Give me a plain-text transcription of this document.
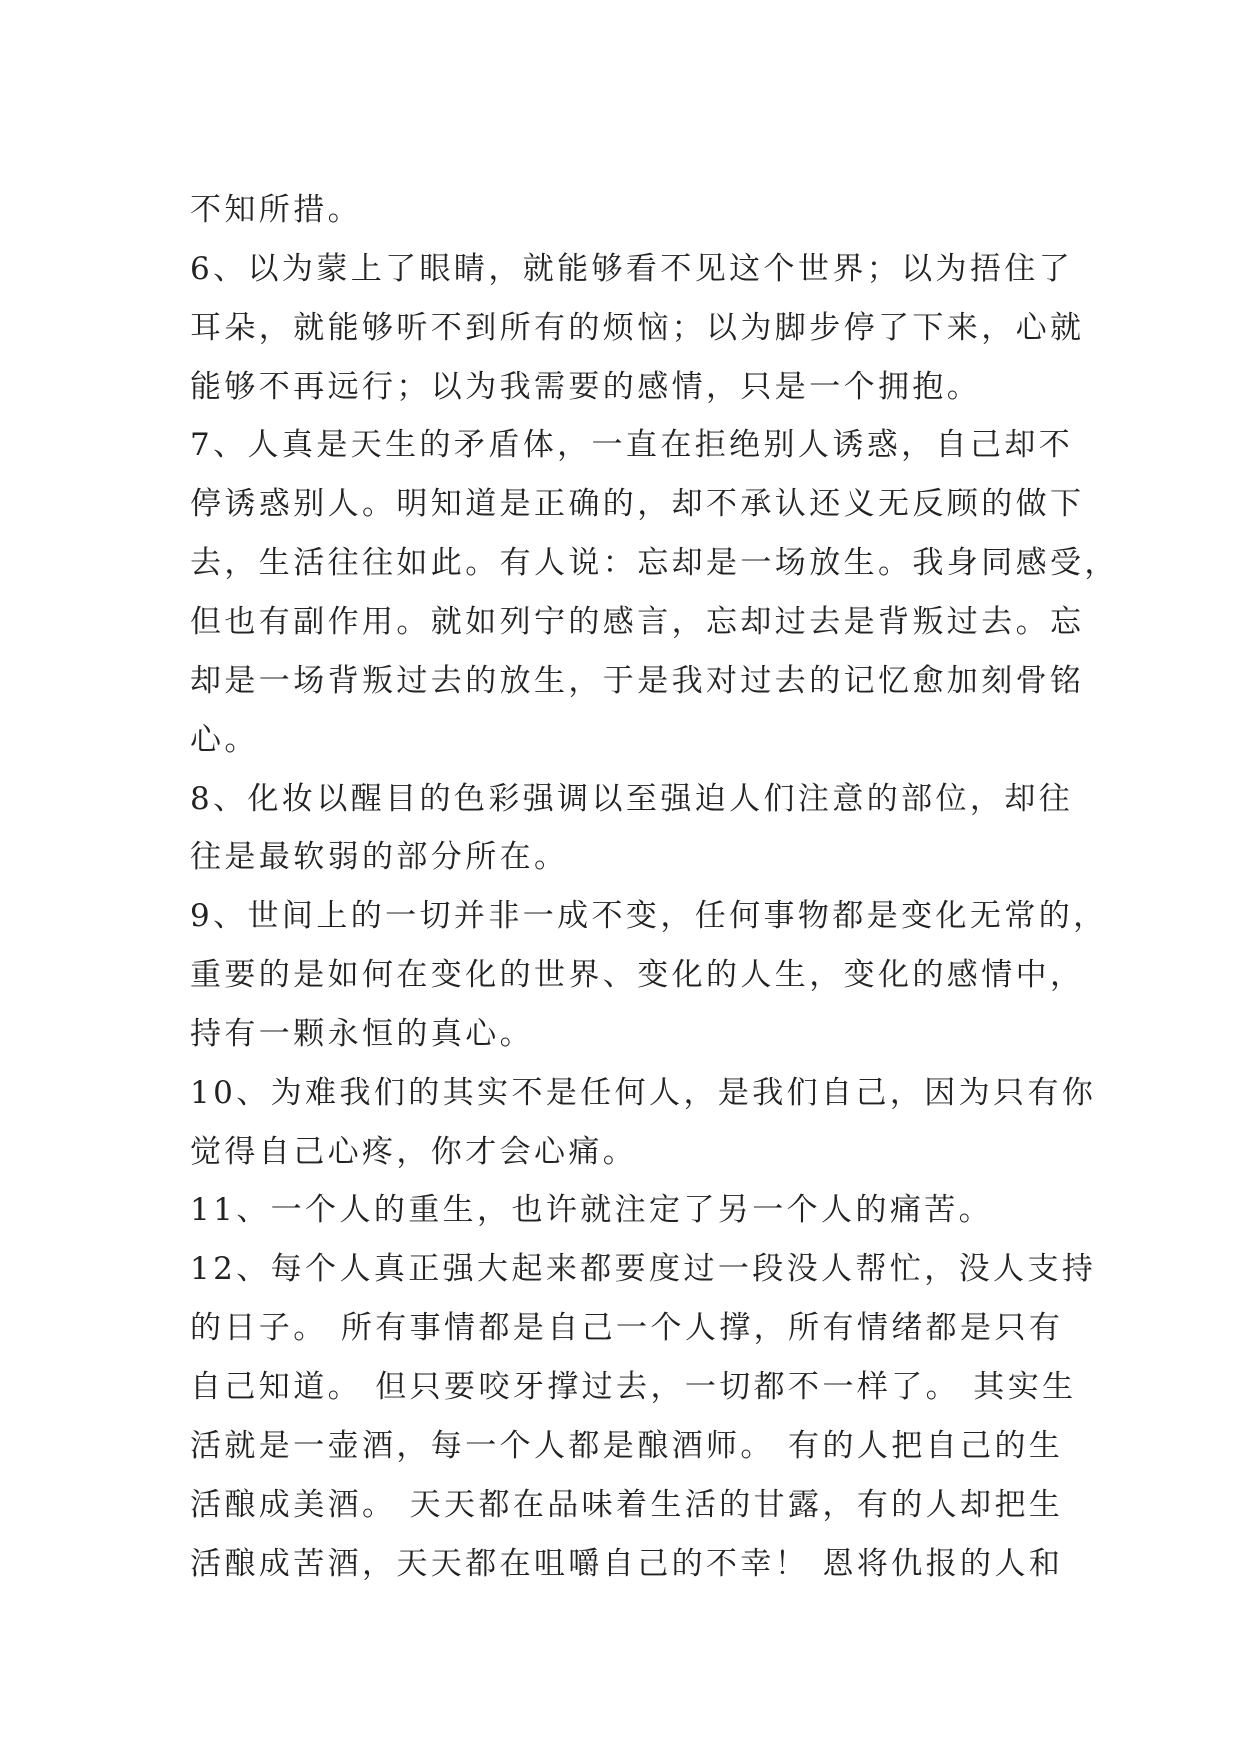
不知所措。
6、以为蒙上了眼睛，就能够看不见这个世界；以为捂住了
耳朵，就能够听不到所有的烦恼；以为脚步停了下来，心就
能够不再远行；以为我需要的感情，只是一个拥抱。
7、人真是天生的矛盾体，一直在拒绝别人诱惑，自己却不
停诱惑别人。明知道是正确的，却不承认还义无反顾的做下
去，生活往往如此。有人说：忘却是一场放生。我身同感受，
但也有副作用。就如列宁的感言，忘却过去是背叛过去。忘
却是一场背叛过去的放生，于是我对过去的记忆愈加刻骨铭
心。
8、化妆以醒目的色彩强调以至强迫人们注意的部位，却往
往是最软弱的部分所在。
9、世间上的一切并非一成不变，任何事物都是变化无常的，
重要的是如何在变化的世界、变化的人生，变化的感情中，
持有一颗永恒的真心。
10、为难我们的其实不是任何人，是我们自己，因为只有你
觉得自己心疼，你才会心痛。
11、一个人的重生，也许就注定了另一个人的痛苦。
12、每个人真正强大起来都要度过一段没人帮忙，没人支持
的日子。 所有事情都是自己一个人撑，所有情绪都是只有
自己知道。 但只要咬牙撑过去，一切都不一样了。 其实生
活就是一壶酒，每一个人都是酿酒师。 有的人把自己的生
活酿成美酒。 天天都在品味着生活的甘露，有的人却把生
活酿成苦酒，天天都在咀嚼自己的不幸！ 恩将仇报的人和
